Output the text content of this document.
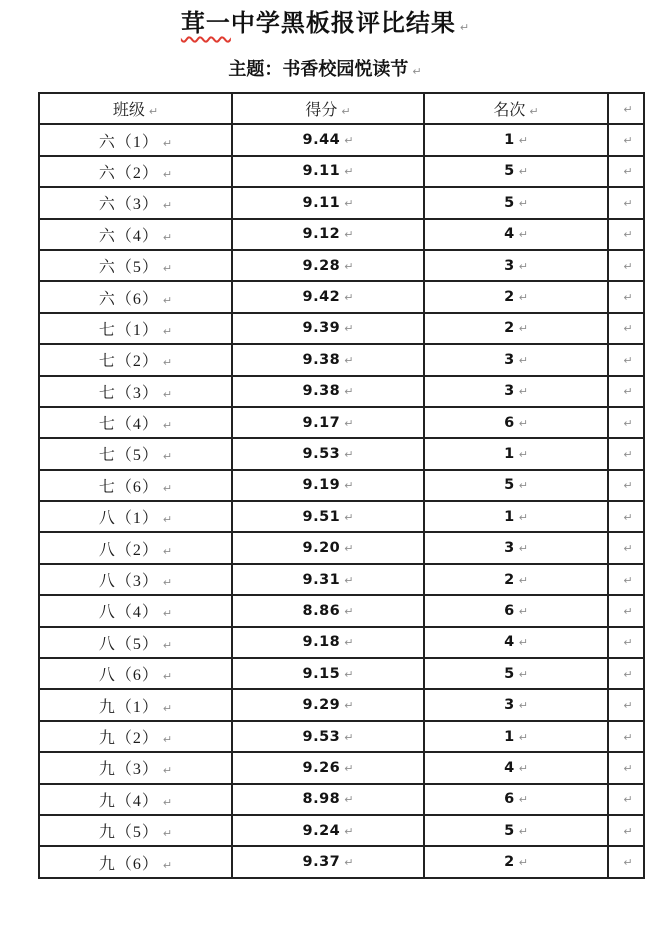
茸一中学黑板报评比结果 ↵
主题：书香校园悦读节 ↵
班级 ↵	得分 ↵	名次 ↵	↵
六（1） ↵	9.44 ↵	1 ↵	↵
六（2） ↵	9.11 ↵	5 ↵	↵
六（3） ↵	9.11 ↵	5 ↵	↵
六（4） ↵	9.12 ↵	4 ↵	↵
六（5） ↵	9.28 ↵	3 ↵	↵
六（6） ↵	9.42 ↵	2 ↵	↵
七（1） ↵	9.39 ↵	2 ↵	↵
七（2） ↵	9.38 ↵	3 ↵	↵
七（3） ↵	9.38 ↵	3 ↵	↵
七（4） ↵	9.17 ↵	6 ↵	↵
七（5） ↵	9.53 ↵	1 ↵	↵
七（6） ↵	9.19 ↵	5 ↵	↵
八（1） ↵	9.51 ↵	1 ↵	↵
八（2） ↵	9.20 ↵	3 ↵	↵
八（3） ↵	9.31 ↵	2 ↵	↵
八（4） ↵	8.86 ↵	6 ↵	↵
八（5） ↵	9.18 ↵	4 ↵	↵
八（6） ↵	9.15 ↵	5 ↵	↵
九（1） ↵	9.29 ↵	3 ↵	↵
九（2） ↵	9.53 ↵	1 ↵	↵
九（3） ↵	9.26 ↵	4 ↵	↵
九（4） ↵	8.98 ↵	6 ↵	↵
九（5） ↵	9.24 ↵	5 ↵	↵
九（6） ↵	9.37 ↵	2 ↵	↵
